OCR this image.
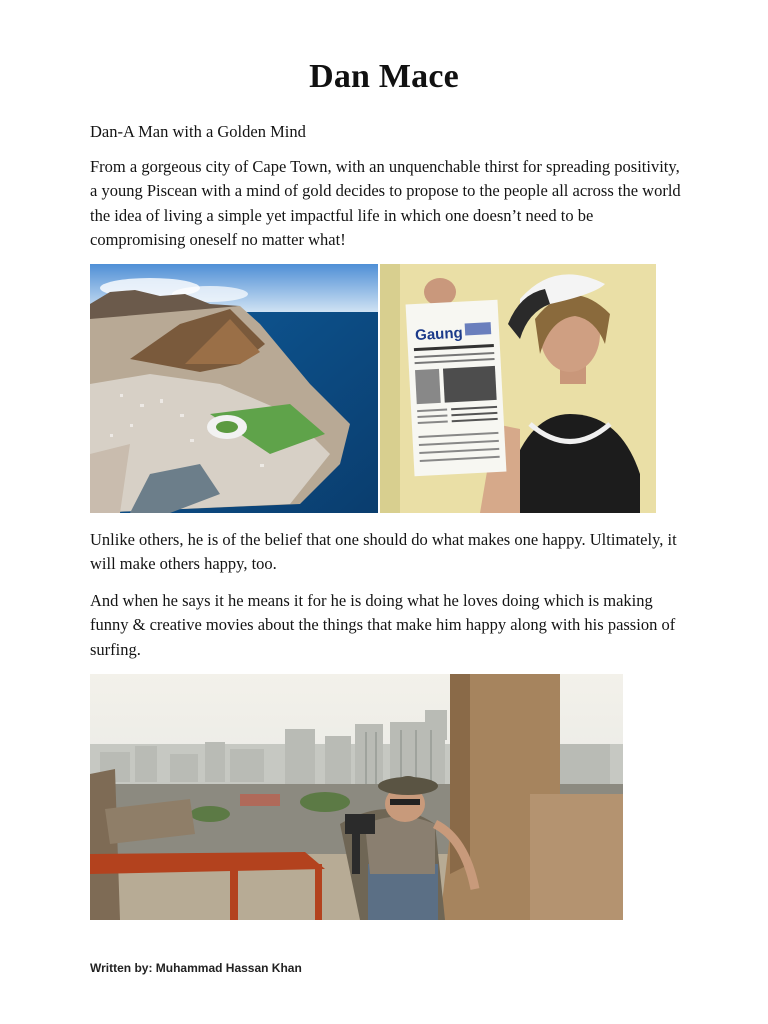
Dan Mace

Dan-A Man with a Golden Mind

From a gorgeous city of Cape Town, with an unquenchable thirst for spreading positivity, a young Piscean with a mind of gold decides to propose to the people all across the world the idea of living a simple yet impactful life in which one doesn’t need to be compromising oneself no matter what!

Gaung

Unlike others, he is of the belief that one should do what makes one happy. Ultimately, it will make others happy, too.

And when he says it he means it for he is doing what he loves doing which is making funny & creative movies about the things that make him happy along with his passion of surfing.

Written by: Muhammad Hassan Khan
